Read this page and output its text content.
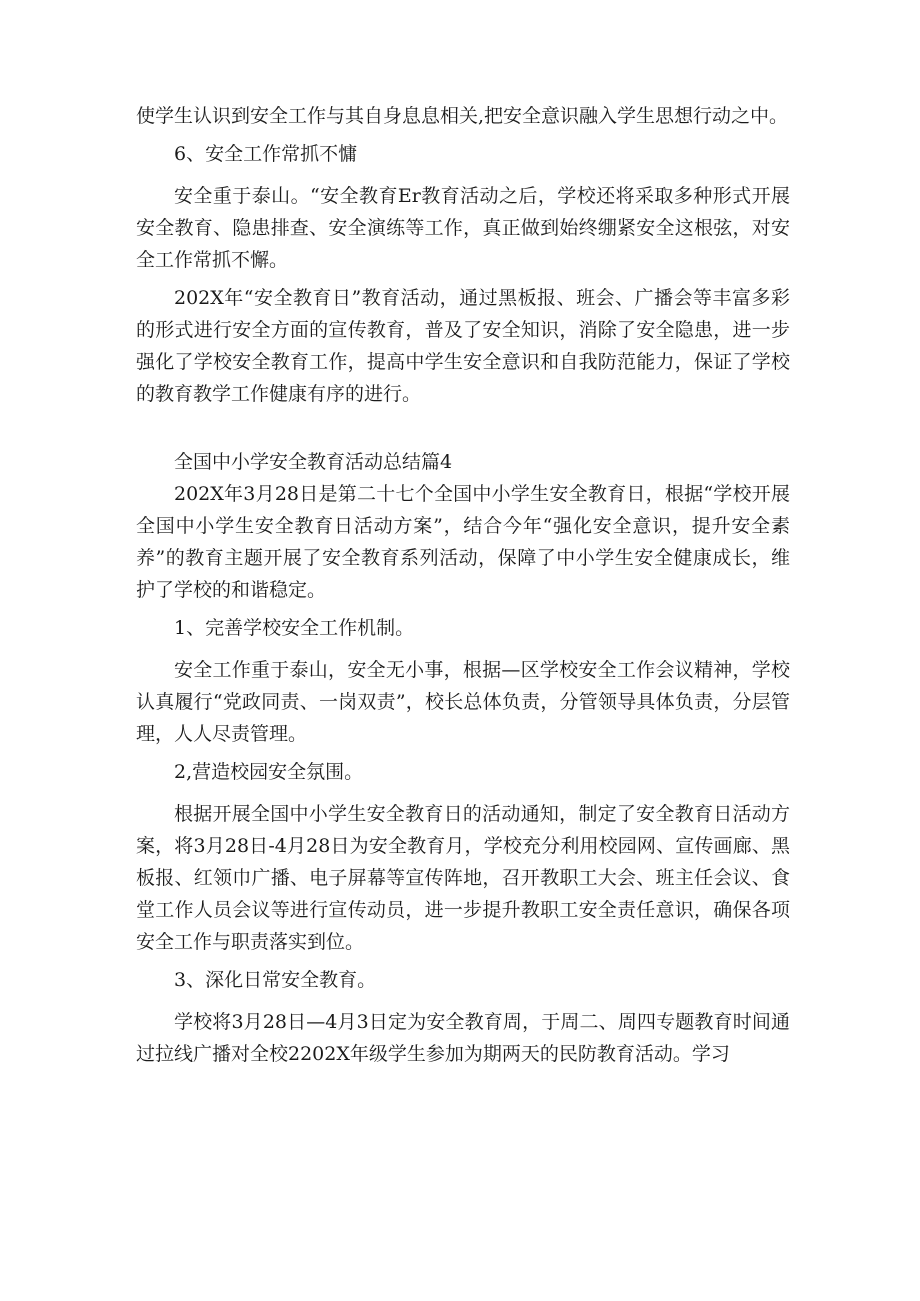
使学生认识到安全工作与其自身息息相关,把安全意识融入学生思想行动之中。

6、安全工作常抓不慵

安全重于泰山。“安全教育Er教育活动之后，学校还将采取多种形式开展安全教育、隐患排查、安全演练等工作，真正做到始终绷紧安全这根弦，对安全工作常抓不懈。

202X年“安全教育日”教育活动，通过黑板报、班会、广播会等丰富多彩的形式进行安全方面的宣传教育，普及了安全知识，消除了安全隐患，进一步强化了学校安全教育工作，提高中学生安全意识和自我防范能力，保证了学校的教育教学工作健康有序的进行。

全国中小学安全教育活动总结篇4

202X年3月28日是第二十七个全国中小学生安全教育日，根据“学校开展全国中小学生安全教育日活动方案”，结合今年“强化安全意识，提升安全素养”的教育主题开展了安全教育系列活动，保障了中小学生安全健康成长，维护了学校的和谐稳定。

1、完善学校安全工作机制。

安全工作重于泰山，安全无小事，根据—区学校安全工作会议精神，学校认真履行“党政同责、一岗双责”，校长总体负责，分管领导具体负责，分层管理，人人尽责管理。

2,营造校园安全氛围。

根据开展全国中小学生安全教育日的活动通知，制定了安全教育日活动方案，将3月28日-4月28日为安全教育月，学校充分利用校园网、宣传画廊、黑板报、红领巾广播、电子屏幕等宣传阵地，召开教职工大会、班主任会议、食堂工作人员会议等进行宣传动员，进一步提升教职工安全责任意识，确保各项安全工作与职责落实到位。

3、深化日常安全教育。

学校将3月28日—4月3日定为安全教育周，于周二、周四专题教育时间通过拉线广播对全校2202X年级学生参加为期两天的民防教育活动。学习
